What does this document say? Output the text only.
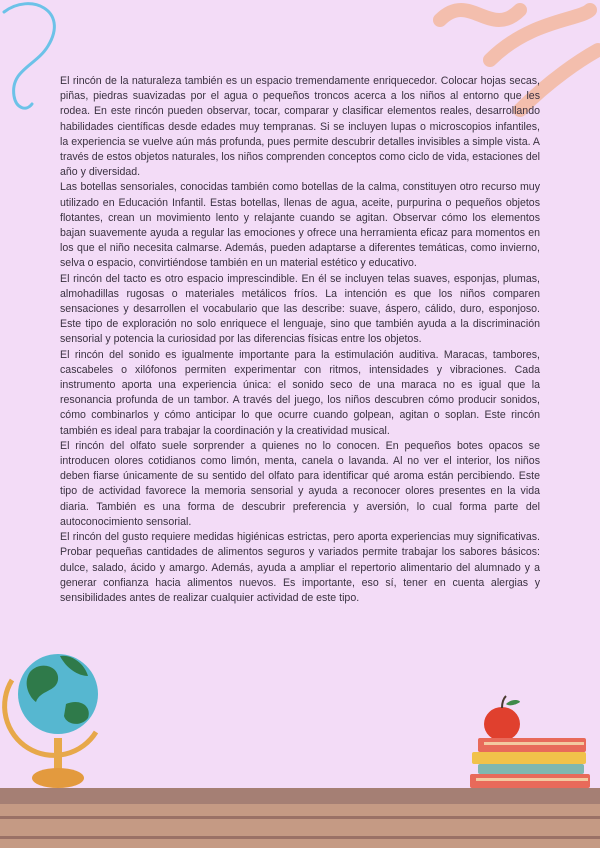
El rincón de la naturaleza también es un espacio tremendamente enriquecedor. Colocar hojas secas, piñas, piedras suavizadas por el agua o pequeños troncos acerca a los niños al entorno que les rodea. En este rincón pueden observar, tocar, comparar y clasificar elementos reales, desarrollando habilidades científicas desde edades muy tempranas. Si se incluyen lupas o microscopios infantiles, la experiencia se vuelve aún más profunda, pues permite descubrir detalles invisibles a simple vista. A través de estos objetos naturales, los niños comprenden conceptos como ciclo de vida, estaciones del año y diversidad.

Las botellas sensoriales, conocidas también como botellas de la calma, constituyen otro recurso muy utilizado en Educación Infantil. Estas botellas, llenas de agua, aceite, purpurina o pequeños objetos flotantes, crean un movimiento lento y relajante cuando se agitan. Observar cómo los elementos bajan suavemente ayuda a regular las emociones y ofrece una herramienta eficaz para momentos en los que el niño necesita calmarse. Además, pueden adaptarse a diferentes temáticas, como invierno, selva o espacio, convirtiéndose también en un material estético y educativo.

El rincón del tacto es otro espacio imprescindible. En él se incluyen telas suaves, esponjas, plumas, almohadillas rugosas o materiales metálicos fríos. La intención es que los niños comparen sensaciones y desarrollen el vocabulario que las describe: suave, áspero, cálido, duro, esponjoso. Este tipo de exploración no solo enriquece el lenguaje, sino que también ayuda a la discriminación sensorial y potencia la curiosidad por las diferencias físicas entre los objetos.

El rincón del sonido es igualmente importante para la estimulación auditiva. Maracas, tambores, cascabeles o xilófonos permiten experimentar con ritmos, intensidades y vibraciones. Cada instrumento aporta una experiencia única: el sonido seco de una maraca no es igual que la resonancia profunda de un tambor. A través del juego, los niños descubren cómo producir sonidos, cómo combinarlos y cómo anticipar lo que ocurre cuando golpean, agitan o soplan. Este rincón también es ideal para trabajar la coordinación y la creatividad musical.

El rincón del olfato suele sorprender a quienes no lo conocen. En pequeños botes opacos se introducen olores cotidianos como limón, menta, canela o lavanda. Al no ver el interior, los niños deben fiarse únicamente de su sentido del olfato para identificar qué aroma están percibiendo. Este tipo de actividad favorece la memoria sensorial y ayuda a reconocer olores presentes en la vida diaria. También es una forma de descubrir preferencia y aversión, lo cual forma parte del autoconocimiento sensorial.

El rincón del gusto requiere medidas higiénicas estrictas, pero aporta experiencias muy significativas. Probar pequeñas cantidades de alimentos seguros y variados permite trabajar los sabores básicos: dulce, salado, ácido y amargo. Además, ayuda a ampliar el repertorio alimentario del alumnado y a generar confianza hacia alimentos nuevos. Es importante, eso sí, tener en cuenta alergias y sensibilidades antes de realizar cualquier actividad de este tipo.
